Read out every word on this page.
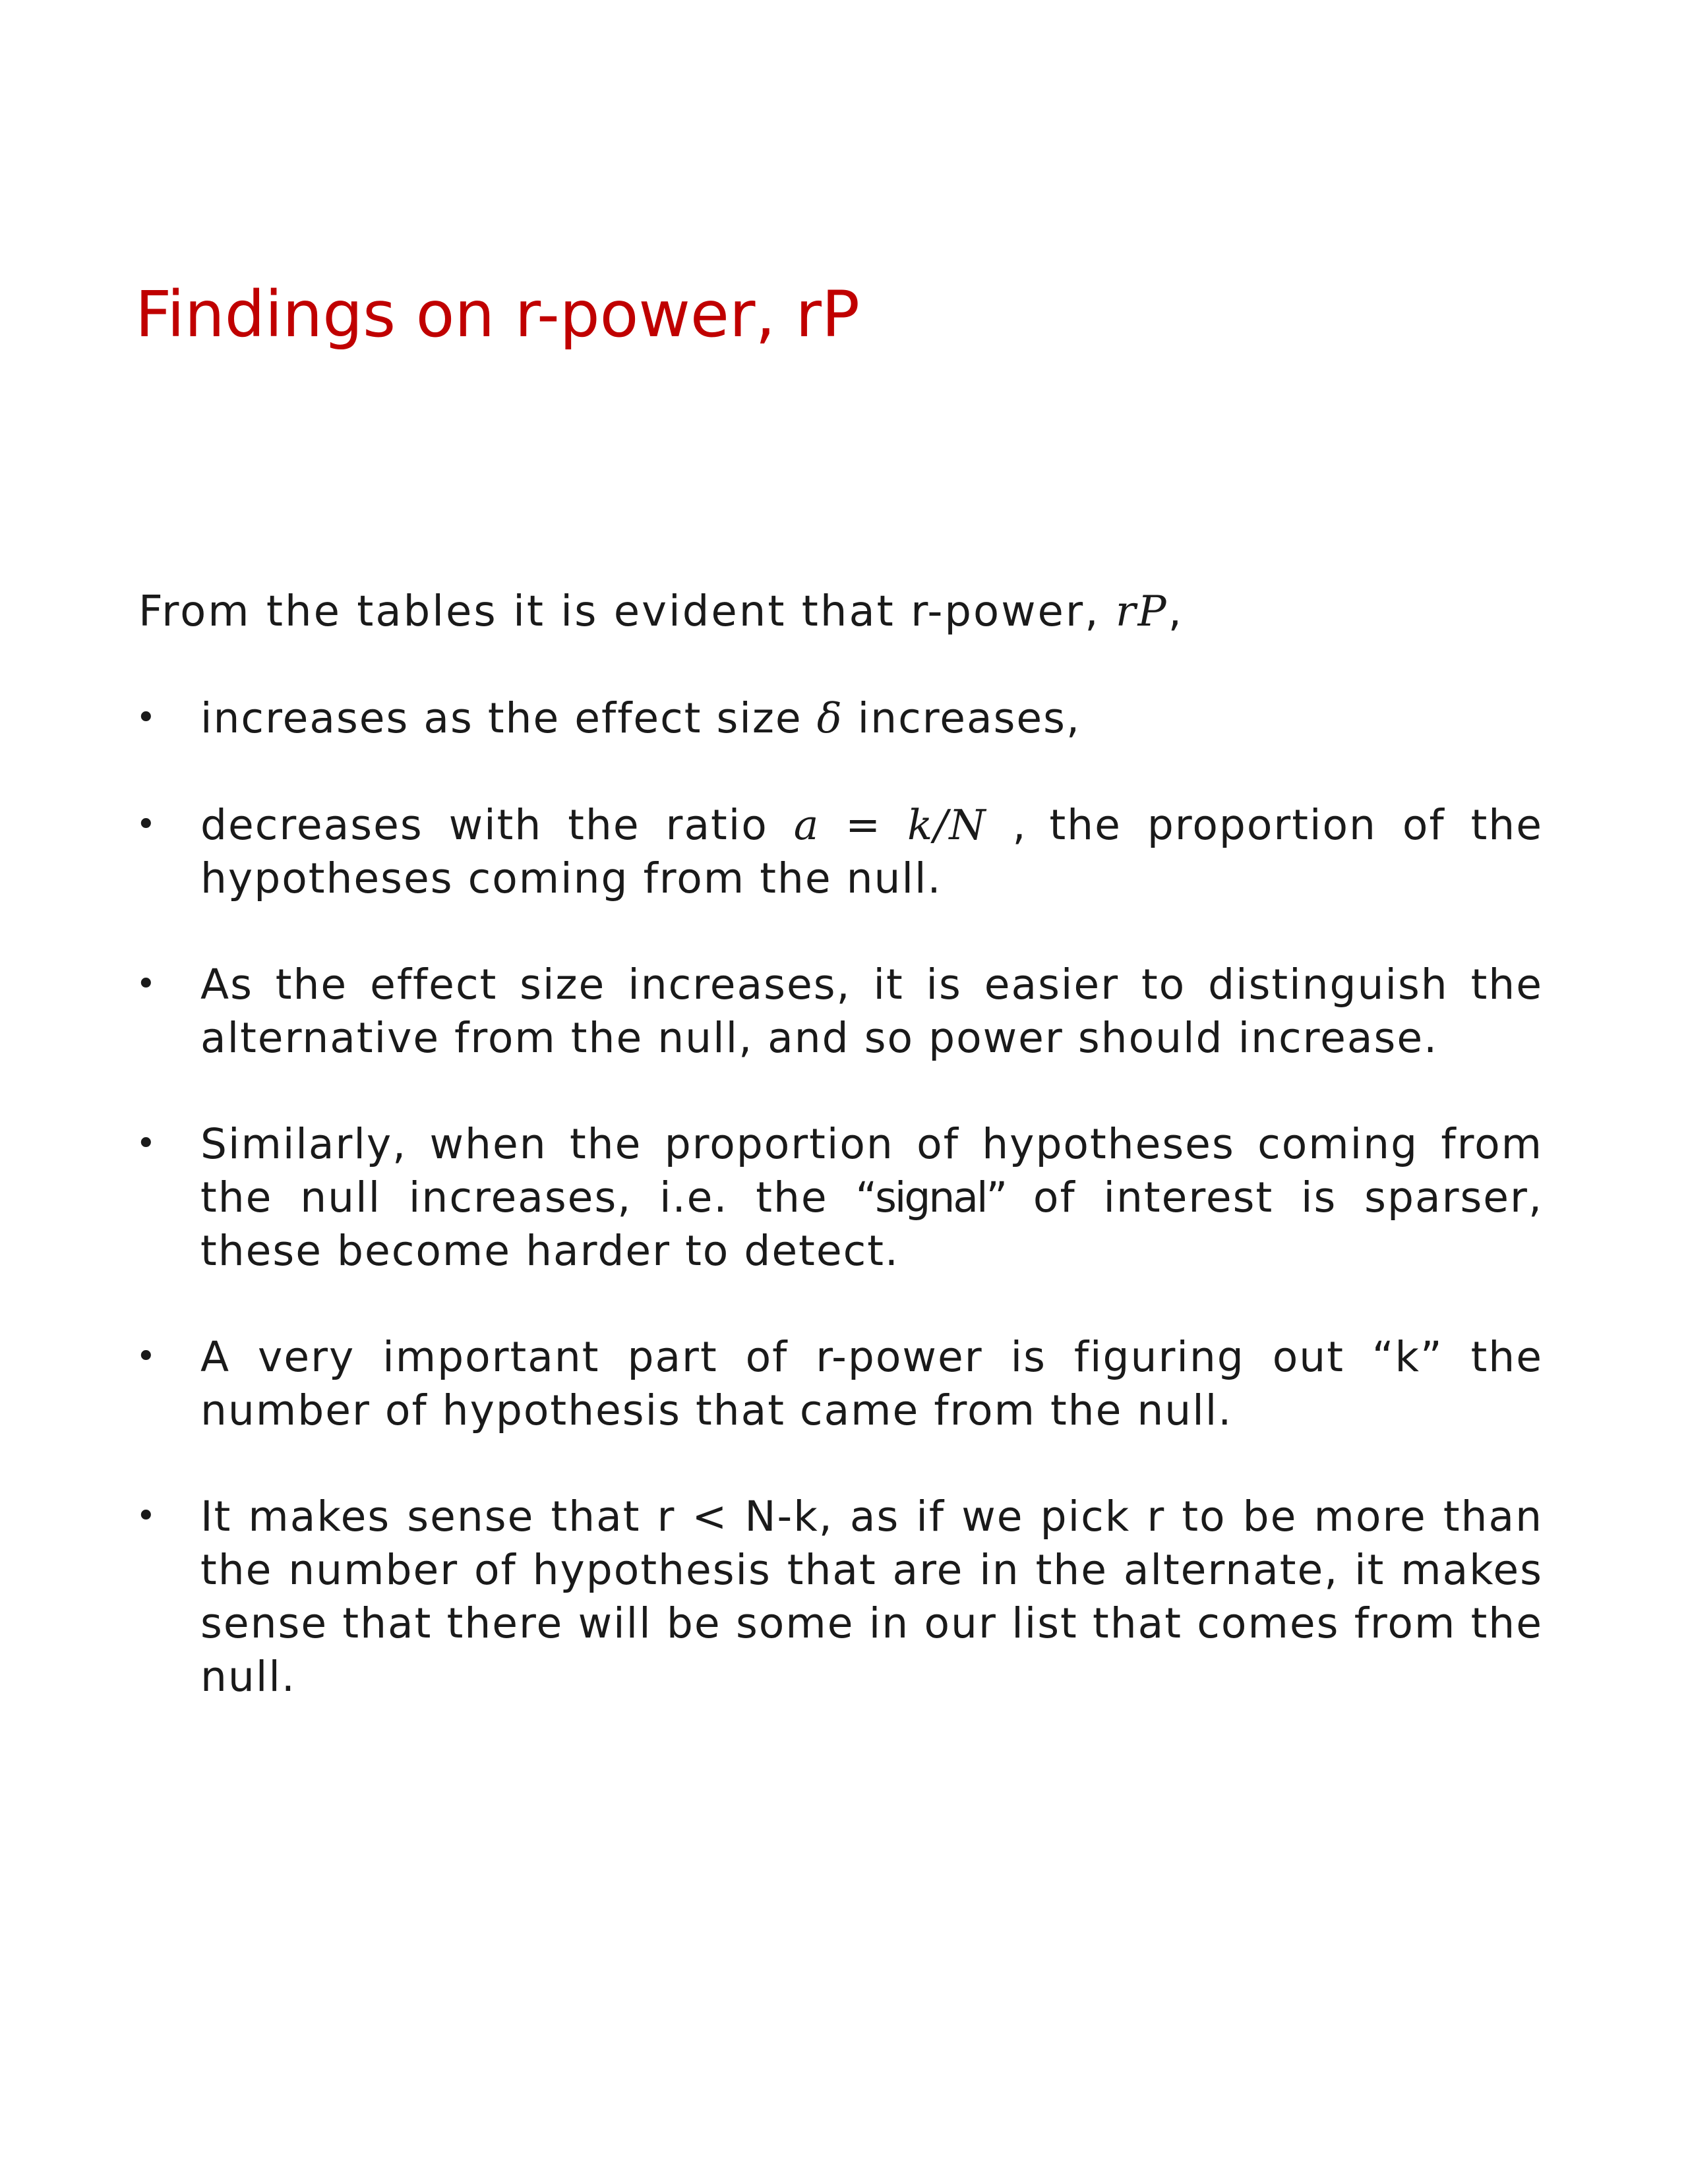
Findings on r-power, rP

From the tables it is evident that r-power, rP,

•	increases as the effect size δ increases,
•	decreases with the ratio a = k/N , the proportion of the hypotheses coming from the null.
•	As the effect size increases, it is easier to distinguish the alternative from the null, and so power should increase.
•	Similarly, when the proportion of hypotheses coming from the null increases, i.e. the “signal” of interest is sparser, these become harder to detect.
•	A very important part of r-power is figuring out “k” the number of hypothesis that came from the null.
•	It makes sense that r < N-k, as if we pick r to be more than the number of hypothesis that are in the alternate, it makes sense that there will be some in our list that comes from the null.
